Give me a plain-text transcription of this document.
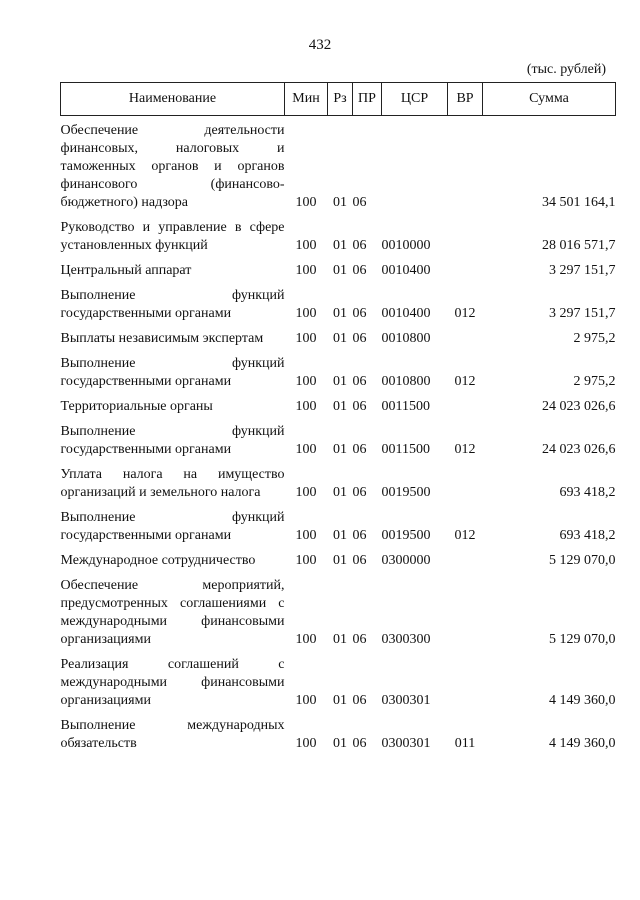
432
(тыс. рублей)
Наименование	Мин	Рз	ПР	ЦСР	ВР	Сумма
Обеспечение деятельности финансовых, налоговых и таможенных органов и органов финансового (финансово-бюджетного) надзора	100	01	06			34 501 164,1
Руководство и управление в сфере установленных функций	100	01	06	0010000		28 016 571,7
Центральный аппарат	100	01	06	0010400		3 297 151,7
Выполнение функций государственными органами	100	01	06	0010400	012	3 297 151,7
Выплаты независимым экспертам	100	01	06	0010800		2 975,2
Выполнение функций государственными органами	100	01	06	0010800	012	2 975,2
Территориальные органы	100	01	06	0011500		24 023 026,6
Выполнение функций государственными органами	100	01	06	0011500	012	24 023 026,6
Уплата налога на имущество организаций и земельного налога	100	01	06	0019500		693 418,2
Выполнение функций государственными органами	100	01	06	0019500	012	693 418,2
Международное сотрудничество	100	01	06	0300000		5 129 070,0
Обеспечение мероприятий, предусмотренных соглашениями с международными финансовыми организациями	100	01	06	0300300		5 129 070,0
Реализация соглашений с международными финансовыми организациями	100	01	06	0300301		4 149 360,0
Выполнение международных обязательств	100	01	06	0300301	011	4 149 360,0
